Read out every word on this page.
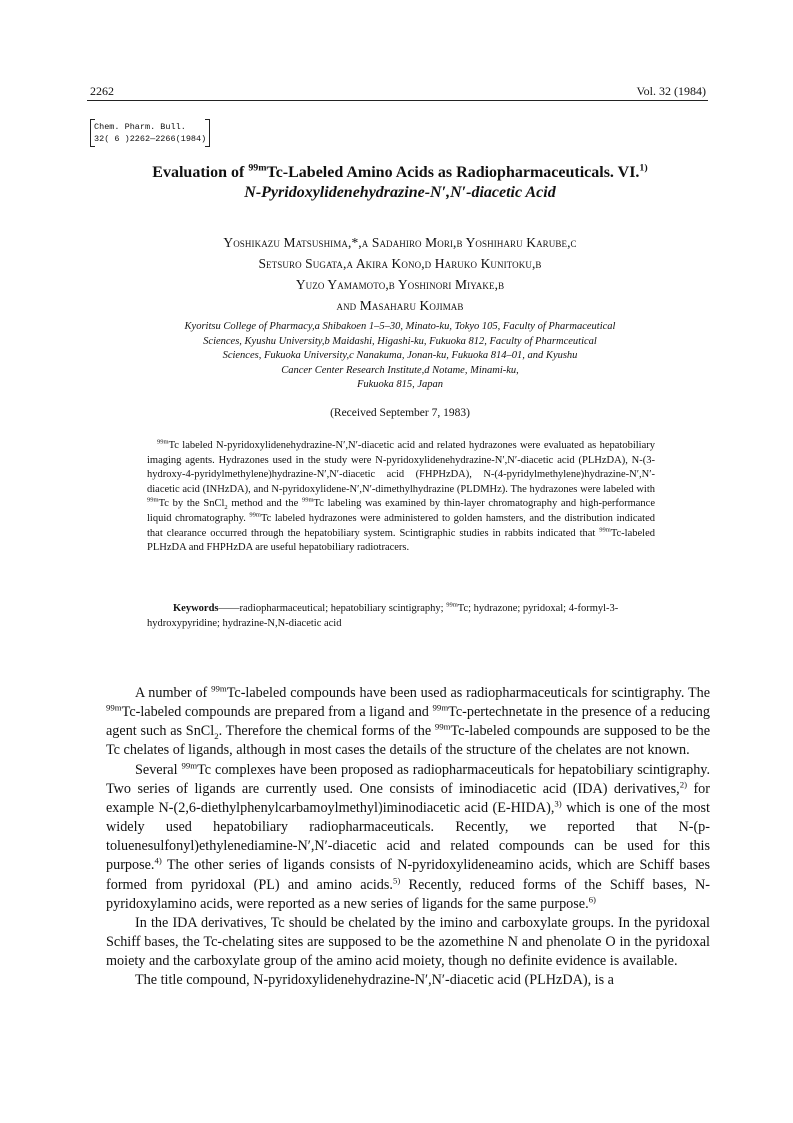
2262	Vol. 32 (1984)
Chem. Pharm. Bull.
32( 6 )2262—2266(1984)
Evaluation of $^{99m}$Tc-Labeled Amino Acids as Radiopharmaceuticals. VI.$^{1)}$
N-Pyridoxylidenehydrazine-N′,N′-diacetic Acid
Yoshikazu Matsushima,*,a Sadahiro Mori,b Yoshiharu Karube,c
Setsuro Sugata,a Akira Kono,d Haruko Kunitoku,b
Yuzo Yamamoto,b Yoshinori Miyake,b
and Masaharu Kojimab
Kyoritsu College of Pharmacy,a Shibakoen 1–5–30, Minato-ku, Tokyo 105, Faculty of Pharmaceutical
Sciences, Kyushu University,b Maidashi, Higashi-ku, Fukuoka 812, Faculty of Pharmceutical
Sciences, Fukuoka University,c Nanakuma, Jonan-ku, Fukuoka 814–01, and Kyushu
Cancer Center Research Institute,d Notame, Minami-ku,
Fukuoka 815, Japan
(Received September 7, 1983)
$^{99m}$Tc labeled N-pyridoxylidenehydrazine-N′,N′-diacetic acid and related hydrazones were evaluated as hepatobiliary imaging agents. Hydrazones used in the study were N-pyridoxylidenehydrazine-N′,N′-diacetic acid (PLHzDA), N-(3-hydroxy-4-pyridylmethylene)hydrazine-N′,N′-diacetic acid (FHPHzDA), N-(4-pyridylmethylene)hydrazine-N′,N′-diacetic acid (INHzDA), and N-pyridoxylidene-N′,N′-dimethylhydrazine (PLDMHz). The hydrazones were labeled with $^{99m}$Tc by the SnCl$_2$ method and the $^{99m}$Tc labeling was examined by thin-layer chromatography and high-performance liquid chromatography. $^{99m}$Tc labeled hydrazones were administered to golden hamsters, and the distribution indicated that clearance occurred through the hepatobiliary system. Scintigraphic studies in rabbits indicated that $^{99m}$Tc-labeled PLHzDA and FHPHzDA are useful hepatobiliary radiotracers.
Keywords——radiopharmaceutical; hepatobiliary scintigraphy; $^{99m}$Tc; hydrazone; pyridoxal; 4-formyl-3-hydroxypyridine; hydrazine-N,N-diacetic acid

A number of $^{99m}$Tc-labeled compounds have been used as radiopharmaceuticals for scintigraphy. The $^{99m}$Tc-labeled compounds are prepared from a ligand and $^{99m}$Tc-pertechnetate in the presence of a reducing agent such as SnCl$_2$. Therefore the chemical forms of the $^{99m}$Tc-labeled compounds are supposed to be the Tc chelates of ligands, although in most cases the details of the structure of the chelates are not known.

Several $^{99m}$Tc complexes have been proposed as radiopharmaceuticals for hepatobiliary scintigraphy. Two series of ligands are currently used. One consists of iminodiacetic acid (IDA) derivatives,$^{2)}$ for example N-(2,6-diethylphenylcarbamoylmethyl)iminodiacetic acid (E-HIDA),$^{3)}$ which is one of the most widely used hepatobiliary radiopharmaceuticals. Recently, we reported that N-(p-toluenesulfonyl)ethylenediamine-N′,N′-diacetic acid and related compounds can be used for this purpose.$^{4)}$ The other series of ligands consists of N-pyridoxylideneamino acids, which are Schiff bases formed from pyridoxal (PL) and amino acids.$^{5)}$ Recently, reduced forms of the Schiff bases, N-pyridoxylamino acids, were reported as a new series of ligands for the same purpose.$^{6)}$

In the IDA derivatives, Tc should be chelated by the imino and carboxylate groups. In the pyridoxal Schiff bases, the Tc-chelating sites are supposed to be the azomethine N and phenolate O in the pyridoxal moiety and the carboxylate group of the amino acid moiety, though no definite evidence is available.

The title compound, N-pyridoxylidenehydrazine-N′,N′-diacetic acid (PLHzDA), is a
